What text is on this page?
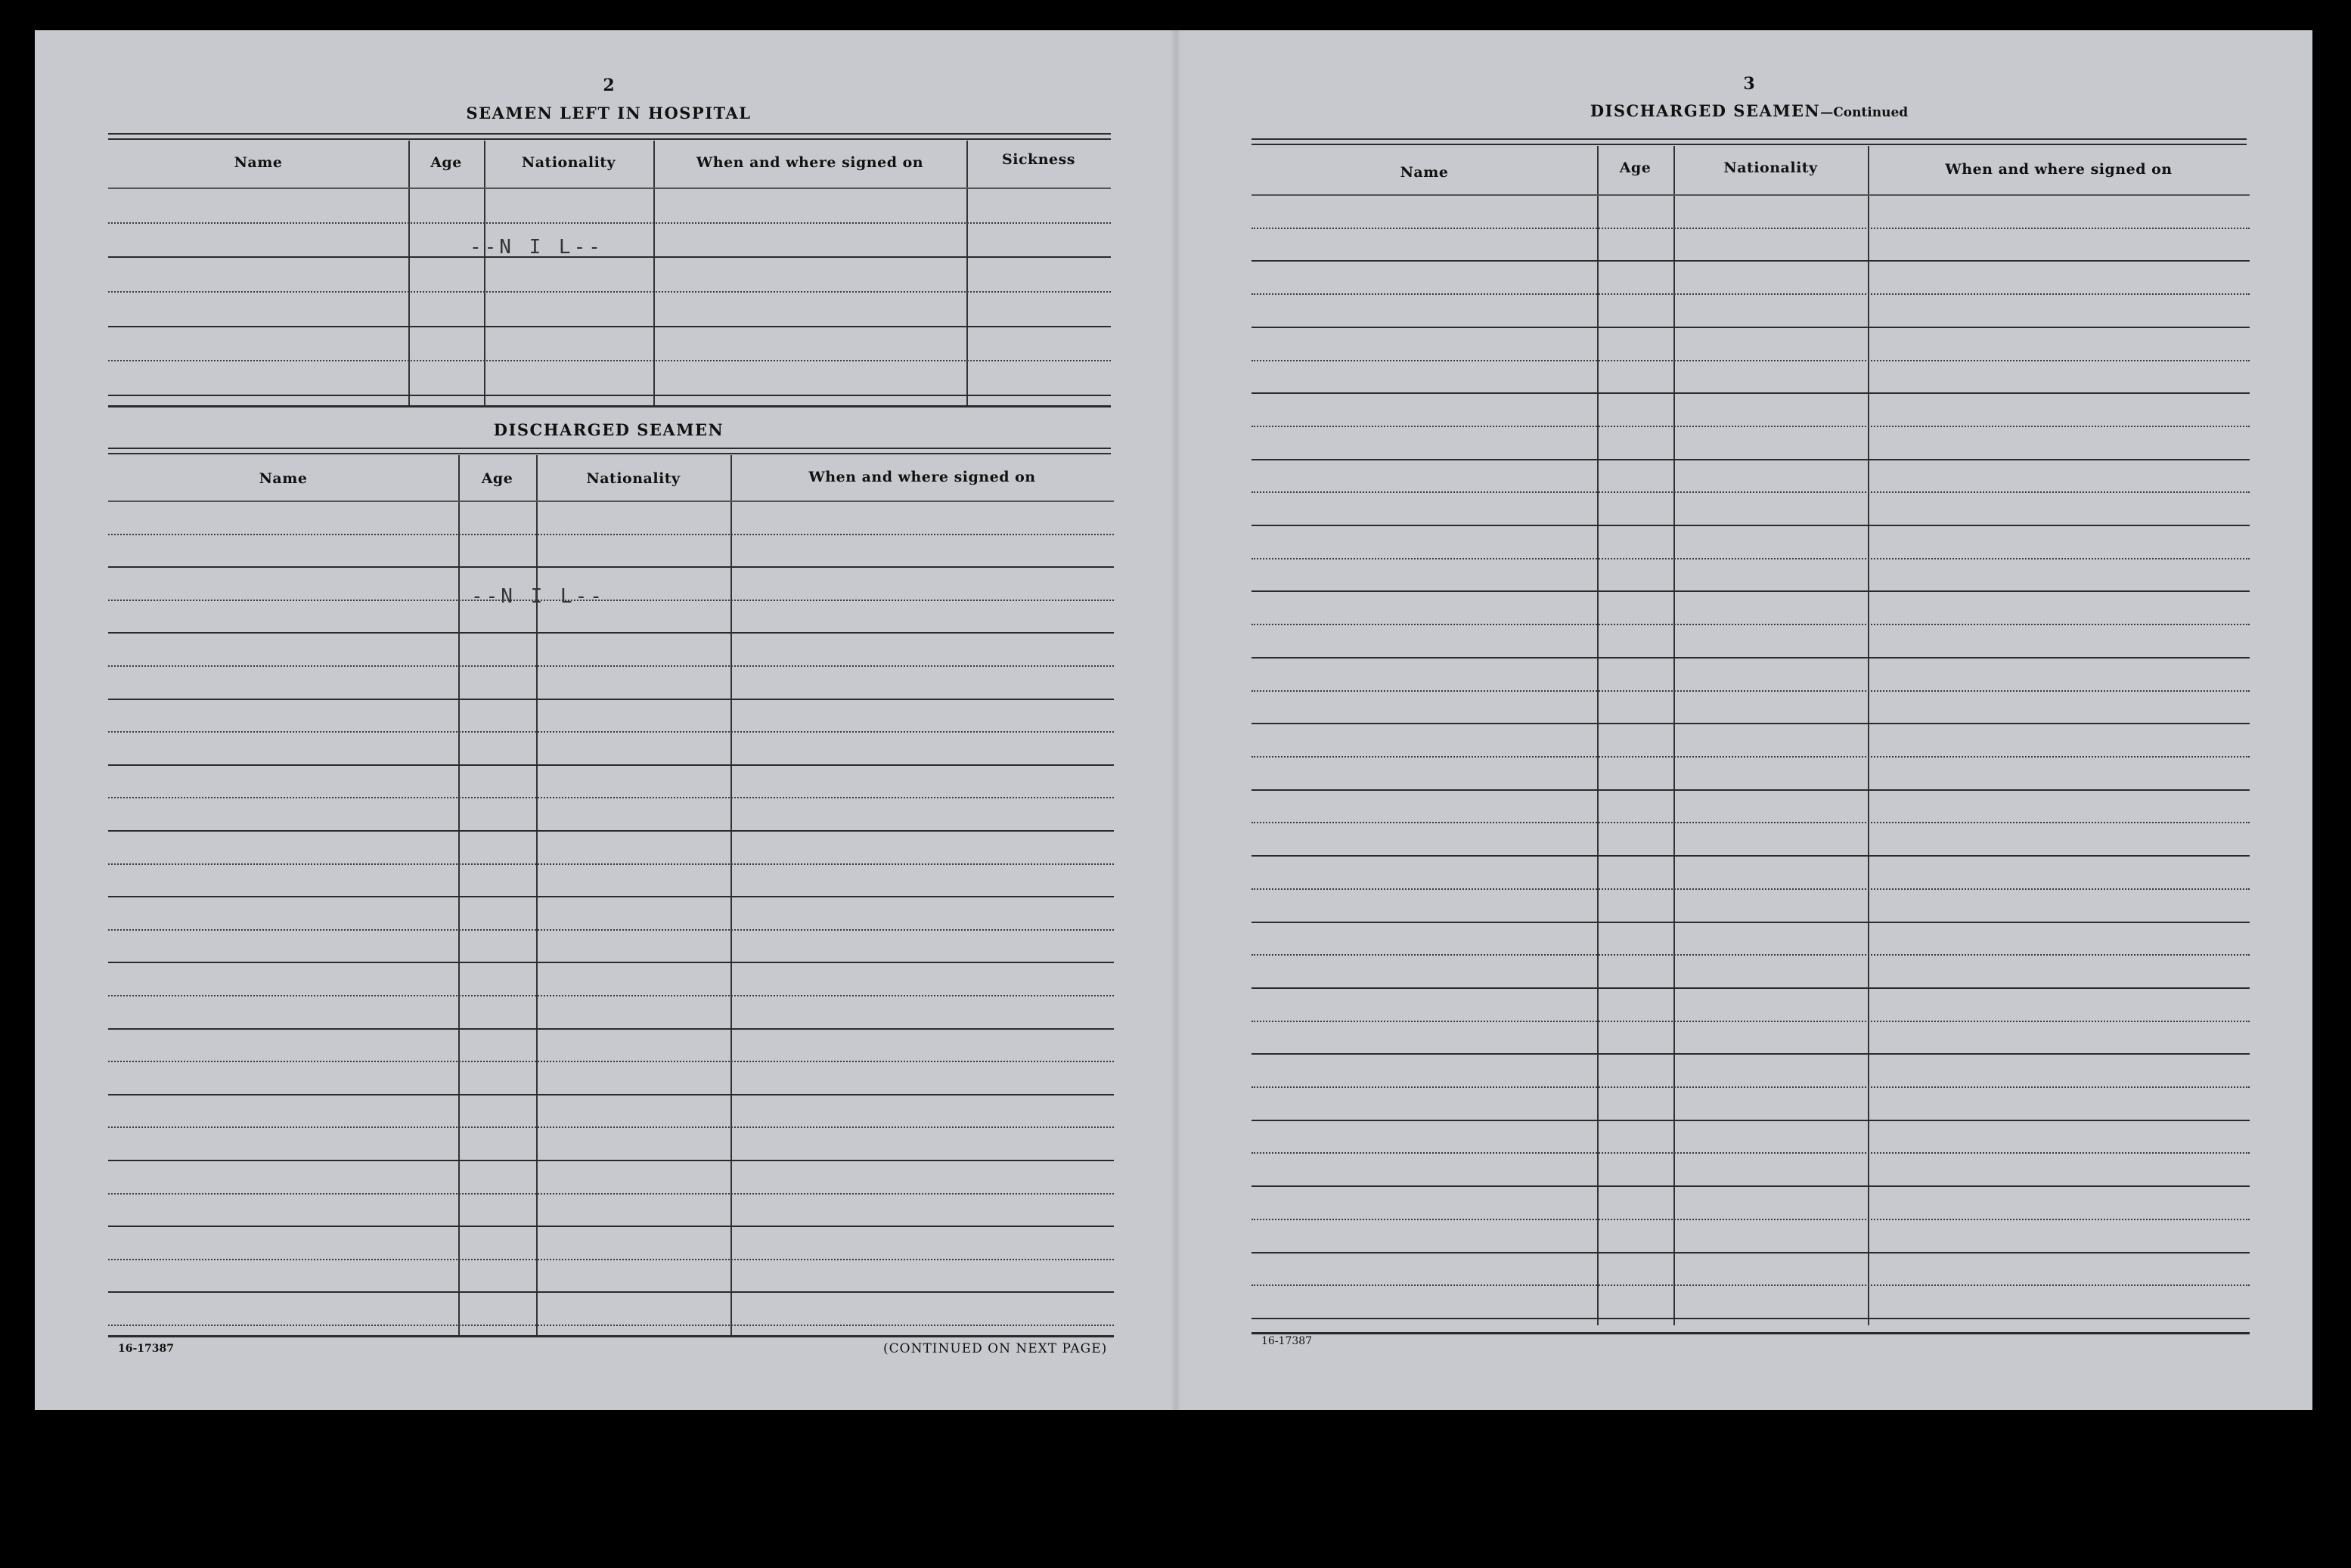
2
SEAMEN LEFT IN HOSPITAL
Name	Age	Nationality	When and where signed on	Sickness
--N I L--
DISCHARGED SEAMEN
Name	Age	Nationality	When and where signed on
--N I L--
16-17387	(CONTINUED ON NEXT PAGE)
3
DISCHARGED SEAMEN—Continued
Name	Age	Nationality	When and where signed on
16-17387
